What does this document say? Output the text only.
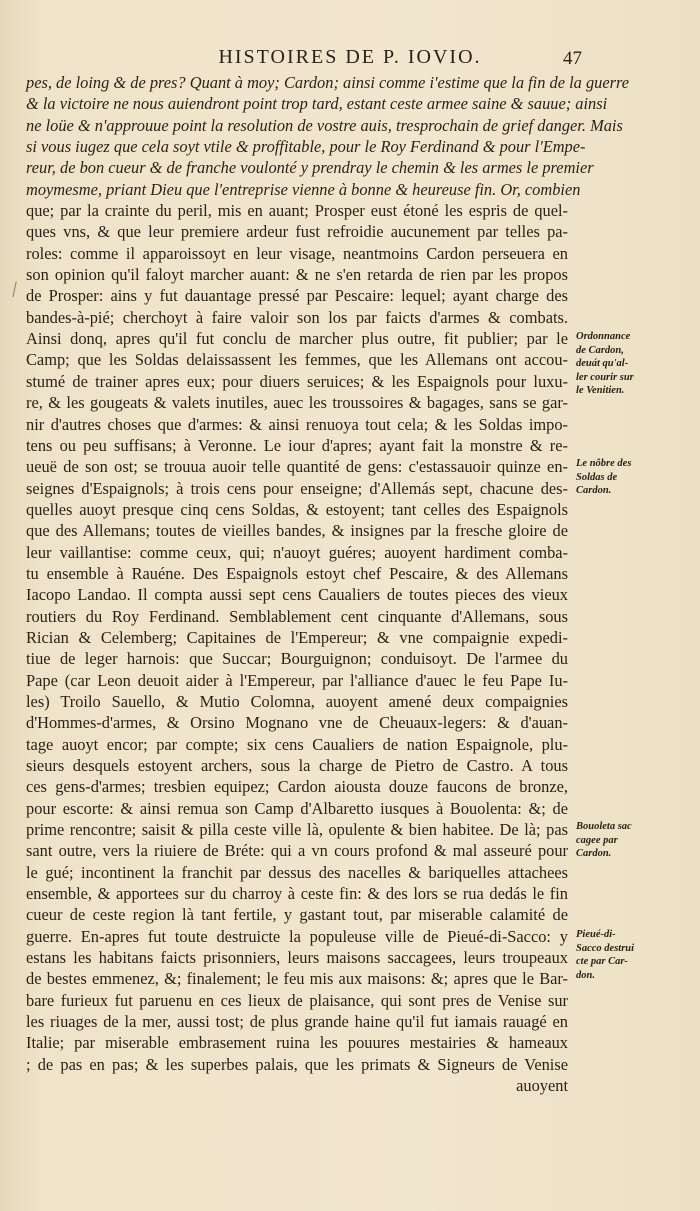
HISTOIRES DE P. IOVIO.	47
pes, de loing & de pres? Quant à moy; Cardon; ainsi comme i'estime que la fin de la guerre
& la victoire ne nous auiendront point trop tard, estant ceste armee saine & sauue; ainsi
ne loüe & n'approuue point la resolution de vostre auis, tresprochain de grief danger. Mais
si vous iugez que cela soyt vtile & proffitable, pour le Roy Ferdinand & pour l'Empe-
reur, de bon cueur & de franche voulonté y prendray le chemin & les armes le premier
moymesme, priant Dieu que l'entreprise vienne à bonne & heureuse fin. Or, combien
que; par la crainte du peril, mis en auant; Prosper eust étoné les espris de quel-
ques vns, & que leur premiere ardeur fust refroidie aucunement par telles pa-
roles: comme il apparoissoyt en leur visage, neantmoins Cardon perseuera en
son opinion qu'il faloyt marcher auant: & ne s'en retarda de rien par les propos
de Prosper: ains y fut dauantage pressé par Pescaire: lequel; ayant charge des
bandes-à-pié; cherchoyt à faire valoir son los par faicts d'armes & combats.
Ainsi donq, apres qu'il fut conclu de marcher plus outre, fit publier; par le
Camp; que les Soldas delaissassent les femmes, que les Allemans ont accou-
stumé de trainer apres eux; pour diuers seruices; & les Espaignols pour luxu-
re, & les gougeats & valets inutiles, auec les troussoires & bagages, sans se gar-
nir d'autres choses que d'armes: & ainsi renuoya tout cela; & les Soldas impo-
tens ou peu suffisans; à Veronne. Le iour d'apres; ayant fait la monstre & re-
ueuë de son ost; se trouua auoir telle quantité de gens: c'estassauoir quinze en-
seignes d'Espaignols; à trois cens pour enseigne; d'Allemás sept, chacune des-
quelles auoyt presque cinq cens Soldas, & estoyent; tant celles des Espaignols
que des Allemans; toutes de vieilles bandes, & insignes par la fresche gloire de
leur vaillantise: comme ceux, qui; n'auoyt guéres; auoyent hardiment comba-
tu ensemble à Rauéne. Des Espaignols estoyt chef Pescaire, & des Allemans
Iacopo Landao. Il compta aussi sept cens Caualiers de toutes pieces des vieux
routiers du Roy Ferdinand. Semblablement cent cinquante d'Allemans, sous
Rician & Celemberg; Capitaines de l'Empereur; & vne compaignie expedi-
tiue de leger harnois: que Succar; Bourguignon; conduisoyt. De l'armee du
Pape (car Leon deuoit aider à l'Empereur, par l'alliance d'auec le feu Pape Iu-
les) Troilo Sauello, & Mutio Colomna, auoyent amené deux compaignies
d'Hommes-d'armes, & Orsino Mognano vne de Cheuaux-legers: & d'auan-
tage auoyt encor; par compte; six cens Caualiers de nation Espaignole, plu-
sieurs desquels estoyent archers, sous la charge de Pietro de Castro. A tous
ces gens-d'armes; tresbien equipez; Cardon aiousta douze faucons de bronze,
pour escorte: & ainsi remua son Camp d'Albaretto iusques à Bouolenta: &; de
prime rencontre; saisit & pilla ceste ville là, opulente & bien habitee. De là; pas
sant outre, vers la riuiere de Bréte: qui a vn cours profond & mal asseuré pour
le gué; incontinent la franchit par dessus des nacelles & bariquelles attachees
ensemble, & apportees sur du charroy à ceste fin: & des lors se rua dedás le fin
cueur de ceste region là tant fertile, y gastant tout, par miserable calamité de
guerre. En-apres fut toute destruicte la populeuse ville de Pieué-di-Sacco: y
estans les habitans faicts prisonniers, leurs maisons saccagees, leurs troupeaux
de bestes emmenez, &; finalement; le feu mis aux maisons: &; apres que le Bar-
bare furieux fut paruenu en ces lieux de plaisance, qui sont pres de Venise sur
les riuages de la mer, aussi tost; de plus grande haine qu'il fut iamais rauagé en
Italie; par miserable embrasement ruina les pouures mestairies & hameaux
; de pas en pas; & les superbes palais, que les primats & Signeurs de Venise
auoyent
Ordonnance
de Cardon,
deuát qu'al-
ler courir sur
le Venitien.
Le nôbre des
Soldas de
Cardon.
Bouoleta sac
cagee par
Cardon.
Pieué-di-
Sacco destrui
cte par Car-
don.
